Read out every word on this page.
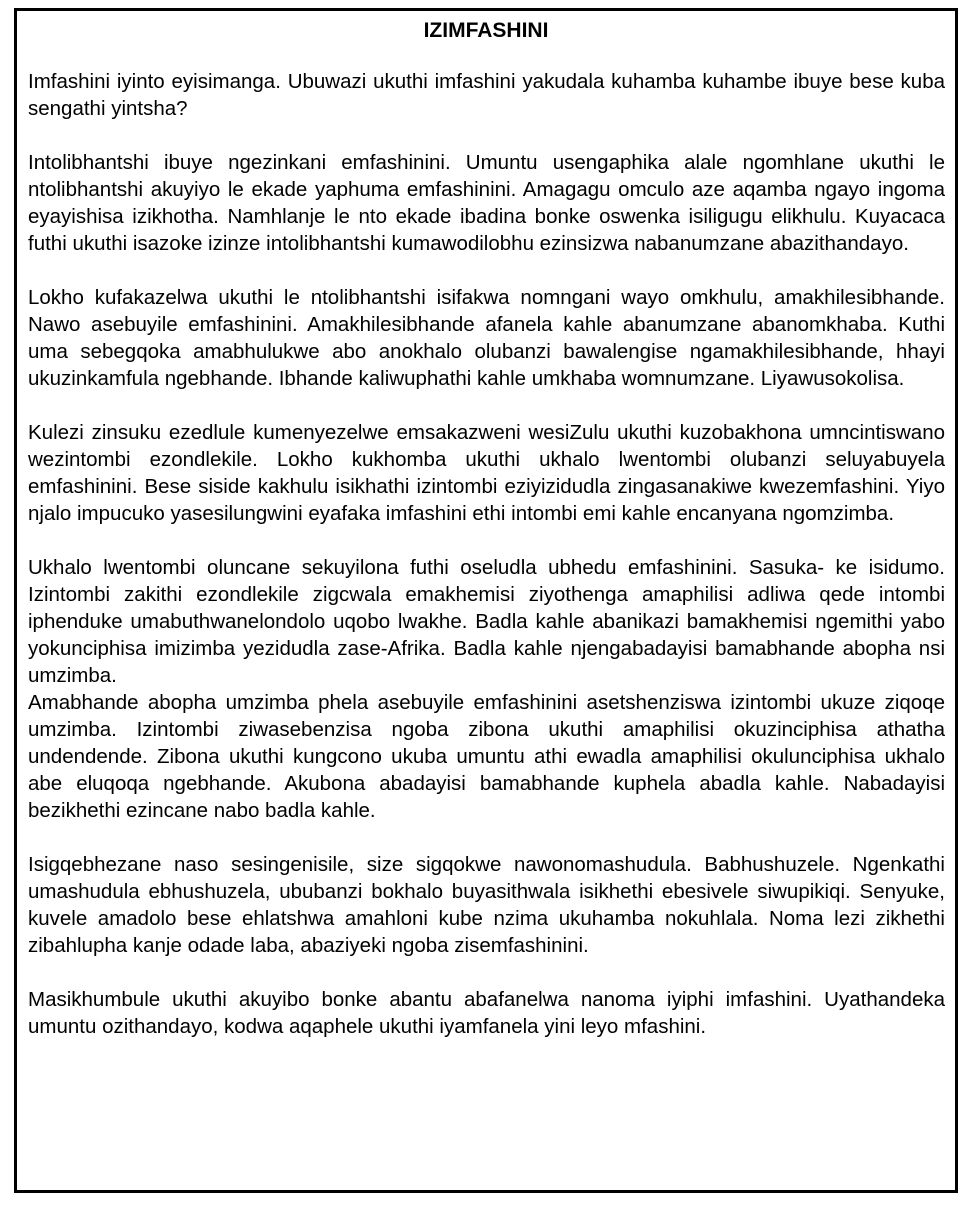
IZIMFASHINI

Imfashini iyinto eyisimanga. Ubuwazi ukuthi imfashini yakudala kuhamba kuhambe ibuye bese kuba sengathi yintsha?

Intolibhantshi ibuye ngezinkani emfashinini. Umuntu usengaphika alale ngomhlane ukuthi le ntolibhantshi akuyiyo le ekade yaphuma emfashinini. Amagagu omculo aze aqamba ngayo ingoma eyayishisa izikhotha. Namhlanje le nto ekade ibadina bonke oswenka isiligugu elikhulu. Kuyacaca futhi ukuthi isazoke izinze intolibhantshi kumawodilobhu ezinsizwa nabanumzane abazithandayo.

Lokho kufakazelwa ukuthi le ntolibhantshi isifakwa nomngani wayo omkhulu, amakhilesibhande. Nawo asebuyile emfashinini. Amakhilesibhande afanela kahle abanumzane abanomkhaba. Kuthi uma sebegqoka amabhulukwe abo anokhalo olubanzi bawalengise ngamakhilesibhande, hhayi ukuzinkamfula ngebhande. Ibhande kaliwuphathi kahle umkhaba womnumzane. Liyawusokolisa.

Kulezi zinsuku ezedlule kumenyezelwe emsakazweni wesiZulu ukuthi kuzobakhona umncintiswano wezintombi ezondlekile. Lokho kukhomba ukuthi ukhalo lwentombi olubanzi seluyabuyela emfashinini. Bese siside kakhulu isikhathi izintombi eziyizidudla zingasanakiwe kwezemfashini. Yiyo njalo impucuko yasesilungwini eyafaka imfashini ethi intombi emi kahle encanyana ngomzimba.

Ukhalo lwentombi oluncane sekuyilona futhi oseludla ubhedu emfashinini. Sasuka- ke isidumo. Izintombi zakithi ezondlekile zigcwala emakhemisi ziyothenga amaphilisi adliwa qede intombi iphenduke umabuthwanelondolo uqobo lwakhe. Badla kahle abanikazi bamakhemisi ngemithi yabo yokunciphisa imizimba yezidudla zase-Afrika. Badla kahle njengabadayisi bamabhande abopha nsi umzimba.

Amabhande abopha umzimba phela asebuyile emfashinini asetshenziswa izintombi ukuze ziqoqe umzimba. Izintombi ziwasebenzisa ngoba zibona ukuthi amaphilisi okuzinciphisa athatha undendende. Zibona ukuthi kungcono ukuba umuntu athi ewadla amaphilisi okulunciphisa ukhalo abe eluqoqa ngebhande. Akubona abadayisi bamabhande kuphela abadla kahle. Nabadayisi bezikhethi ezincane nabo badla kahle.

Isigqebhezane naso sesingenisile, size sigqokwe nawonomashudula. Babhushuzele. Ngenkathi umashudula ebhushuzela, ububanzi bokhalo buyasithwala isikhethi ebesivele siwupikiqi. Senyuke, kuvele amadolo bese ehlatshwa amahloni kube nzima ukuhamba nokuhlala. Noma lezi zikhethi zibahlupha kanje odade laba, abaziyeki ngoba zisemfashinini.

Masikhumbule ukuthi akuyibo bonke abantu abafanelwa nanoma iyiphi imfashini. Uyathandeka umuntu ozithandayo, kodwa aqaphele ukuthi iyamfanela yini leyo mfashini.
